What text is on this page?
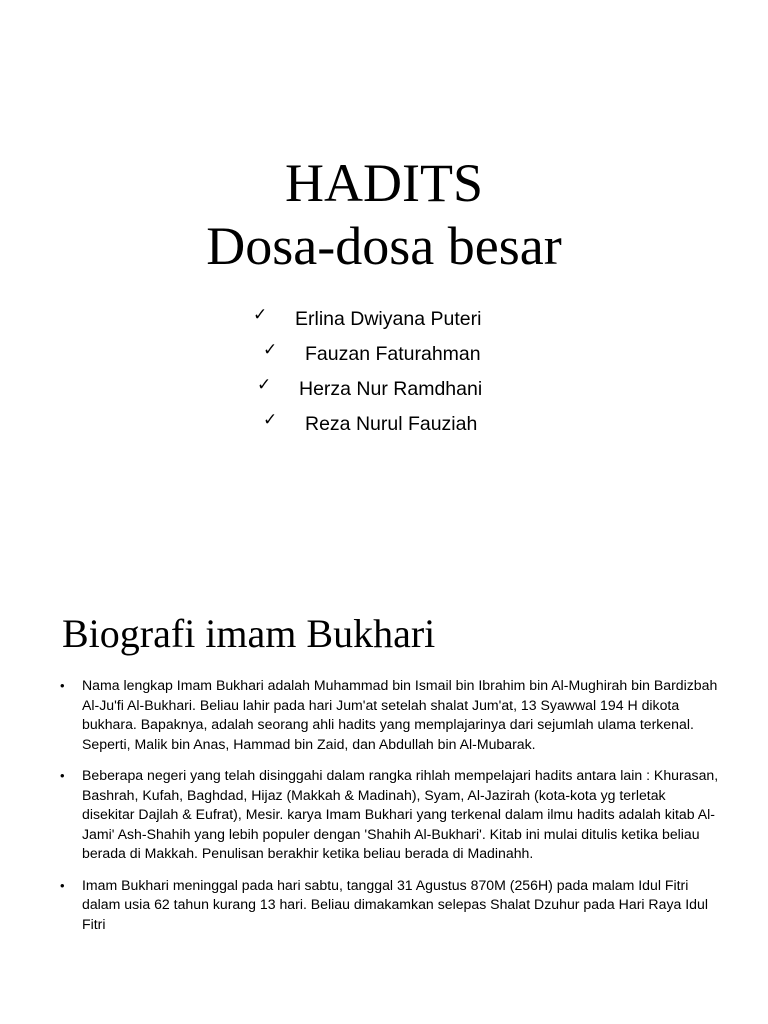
HADITS
Dosa-dosa besar
✓ Erlina Dwiyana Puteri
✓ Fauzan Faturahman
✓ Herza Nur Ramdhani
✓ Reza Nurul Fauziah
Biografi imam Bukhari
• Nama lengkap Imam Bukhari adalah Muhammad bin Ismail bin Ibrahim bin Al-Mughirah bin Bardizbah Al-Ju'fi Al-Bukhari. Beliau lahir pada hari Jum'at setelah shalat Jum'at, 13 Syawwal 194 H dikota bukhara. Bapaknya, adalah seorang ahli hadits yang memplajarinya dari sejumlah ulama terkenal. Seperti, Malik bin Anas, Hammad bin Zaid, dan Abdullah bin Al-Mubarak.
• Beberapa negeri yang telah disinggahi dalam rangka rihlah mempelajari hadits antara lain : Khurasan, Bashrah, Kufah, Baghdad, Hijaz (Makkah & Madinah), Syam, Al-Jazirah (kota-kota yg terletak disekitar Dajlah & Eufrat), Mesir. karya Imam Bukhari yang terkenal dalam ilmu hadits adalah kitab Al-Jami' Ash-Shahih yang lebih populer dengan 'Shahih Al-Bukhari'. Kitab ini mulai ditulis ketika beliau berada di Makkah. Penulisan berakhir ketika beliau berada di Madinahh.
• Imam Bukhari meninggal pada hari sabtu, tanggal 31 Agustus 870M (256H) pada malam Idul Fitri dalam usia 62 tahun kurang 13 hari. Beliau dimakamkan selepas Shalat Dzuhur pada Hari Raya Idul Fitri
